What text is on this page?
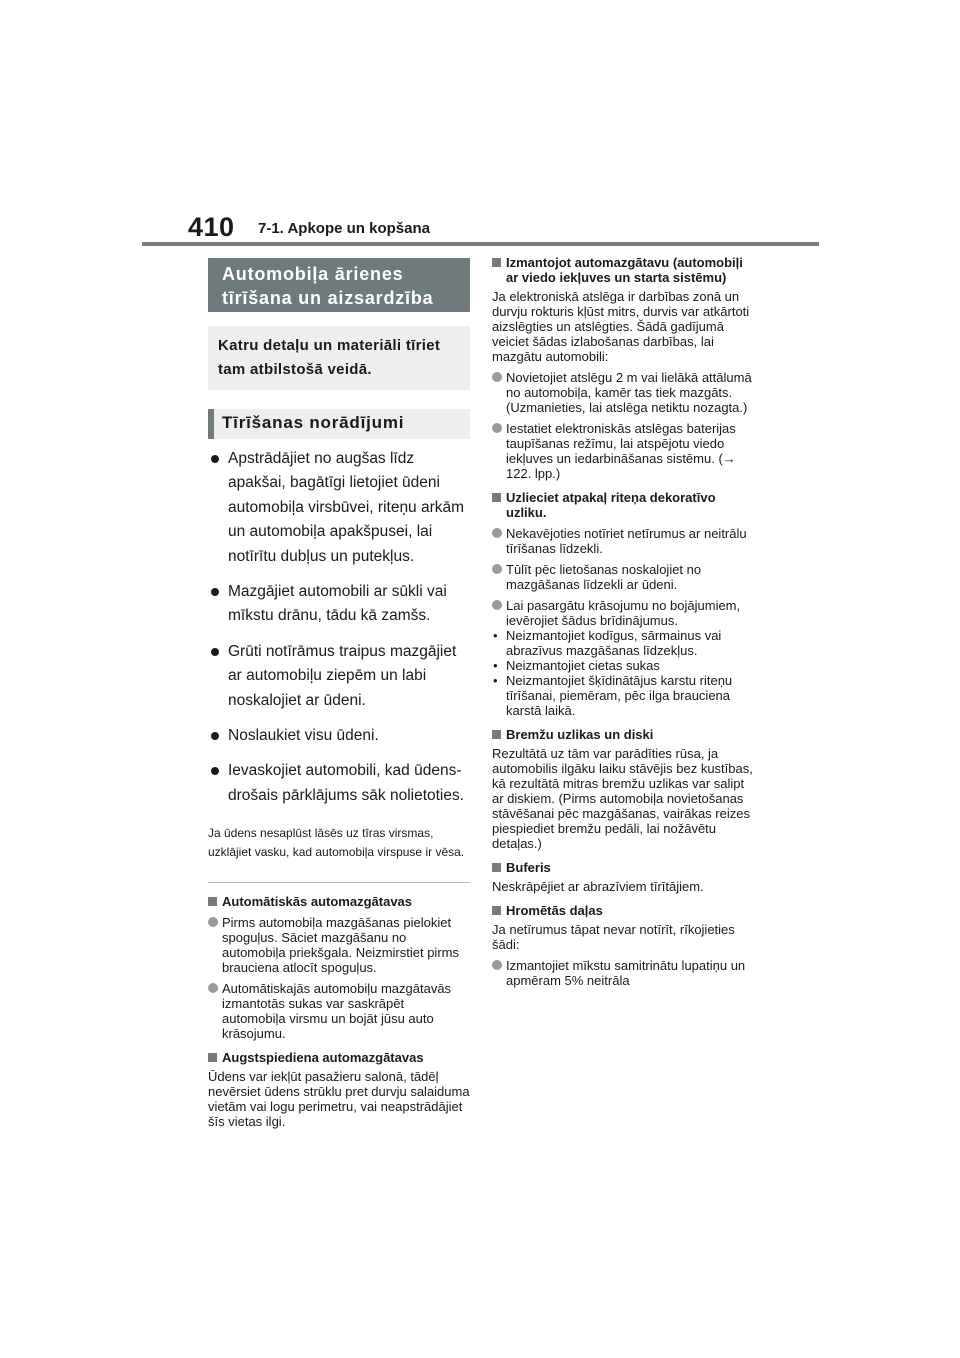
410 7-1. Apkope un kopšana
Automobiļa ārienes tīrīšana un aizsardzība
Katru detaļu un materiāli tīriet tam atbilstošā veidā.
Tīrīšanas norādījumi
Apstrādājiet no augšas līdz apakšai, bagātīgi lietojiet ūdeni automobiļa virsbūvei, riteņu arkām un automobiļa apakšpusei, lai notīrītu dubļus un putekļus.
Mazgājiet automobili ar sūkli vai mīkstu drānu, tādu kā zamšs.
Grūti notīrāmus traipus mazgājiet ar automobiļu ziepēm un labi noskalojiet ar ūdeni.
Noslaukiet visu ūdeni.
Ievaskojiet automobili, kad ūdensdrošais pārklājums sāk nolietoties.
Ja ūdens nesaplūst lāsēs uz tīras virsmas, uzklājiet vasku, kad automobiļa virspuse ir vēsa.
Automātiskās automazgātavas
Pirms automobiļa mazgāšanas pielokiet spoguļus. Sāciet mazgāšanu no automobiļa priekšgala. Neizmirstiet pirms brauciena atlocīt spoguļus.
Automātiskajās automobiļu mazgātavās izmantotās sukas var saskrāpēt automobiļa virsmu un bojāt jūsu auto krāsojumu.
Augstspiediena automazgātavas
Ūdens var iekļūt pasažieru salonā, tādēļ nevērsiet ūdens strūklu pret durvju salaiduma vietām vai logu perimetru, vai neapstrādājiet šīs vietas ilgi.
Izmantojot automazgātavu (automobiļi ar viedo iekļuves un starta sistēmu)
Ja elektroniskā atslēga ir darbības zonā un durvju rokturis kļūst mitrs, durvis var atkārtoti aizslēgties un atslēgties. Šādā gadījumā veiciet šādas izlabošanas darbības, lai mazgātu automobili:
Novietojiet atslēgu 2 m vai lielākā attālumā no automobiļa, kamēr tas tiek mazgāts. (Uzmanieties, lai atslēga netiktu nozagta.)
Iestatiet elektroniskās atslēgas baterijas taupīšanas režīmu, lai atspējotu viedo iekļuves un iedarbināšanas sistēmu. (→ 122. lpp.)
Uzlieciet atpakaļ riteņa dekoratīvo uzliku.
Nekavējoties notīriet netīrumus ar neitrālu tīrīšanas līdzekli.
Tūlīt pēc lietošanas noskalojiet no mazgāšanas līdzekli ar ūdeni.
Lai pasargātu krāsojumu no bojājumiem, ievērojiet šādus brīdinājumus.
• Neizmantojiet kodīgus, sārmainus vai abrazīvus mazgāšanas līdzekļus.
• Neizmantojiet cietas sukas
• Neizmantojiet šķīdinātājus karstu riteņu tīrīšanai, piemēram, pēc ilga brauciena karstā laikā.
Bremžu uzlikas un diski
Rezultātā uz tām var parādīties rūsa, ja automobilis ilgāku laiku stāvējis bez kustības, kā rezultātā mitras bremžu uzlikas var salipt ar diskiem. (Pirms automobiļa novietošanas stāvēšanai pēc mazgāšanas, vairākas reizes piespiediet bremžu pedāli, lai nožāvētu detaļas.)
Buferis
Neskrāpējiet ar abrazīviem tīrītājiem.
Hromētās daļas
Ja netīrumus tāpat nevar notīrīt, rīkojieties šādi:
Izmantojiet mīkstu samitrinātu lupatiņu un apmēram 5% neitrāla
